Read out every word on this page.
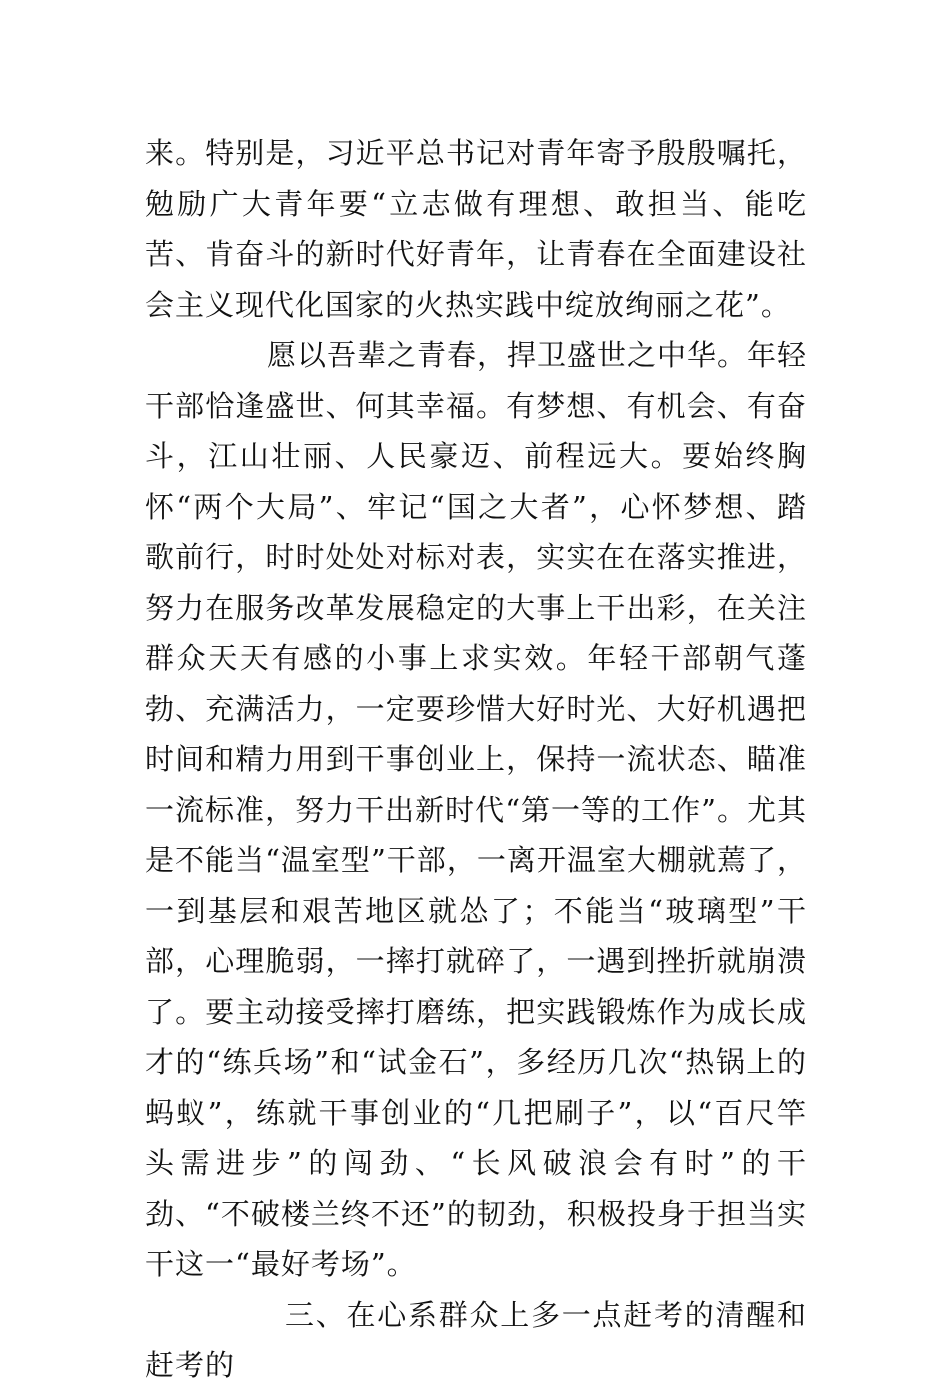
来。特别是，习近平总书记对青年寄予殷殷嘱托，勉励广大青年要“立志做有理想、敢担当、能吃苦、肯奋斗的新时代好青年，让青春在全面建设社会主义现代化国家的火热实践中绽放绚丽之花”。

愿以吾辈之青春，捍卫盛世之中华。年轻干部恰逢盛世、何其幸福。有梦想、有机会、有奋斗，江山壮丽、人民豪迈、前程远大。要始终胸怀“两个大局”、牢记“国之大者”，心怀梦想、踏歌前行，时时处处对标对表，实实在在落实推进，努力在服务改革发展稳定的大事上干出彩，在关注群众天天有感的小事上求实效。年轻干部朝气蓬勃、充满活力，一定要珍惜大好时光、大好机遇把时间和精力用到干事创业上，保持一流状态、瞄准一流标准，努力干出新时代“第一等的工作”。尤其是不能当“温室型”干部，一离开温室大棚就蔫了，一到基层和艰苦地区就怂了；不能当“玻璃型”干部，心理脆弱，一摔打就碎了，一遇到挫折就崩溃了。要主动接受摔打磨练，把实践锻炼作为成长成才的“练兵场”和“试金石”，多经历几次“热锅上的蚂蚁”，练就干事创业的“几把刷子”，以“百尺竿头需进步”的闯劲、“长风破浪会有时”的干劲、“不破楼兰终不还”的韧劲，积极投身于担当实干这一“最好考场”。

三、在心系群众上多一点赶考的清醒和赶考的
